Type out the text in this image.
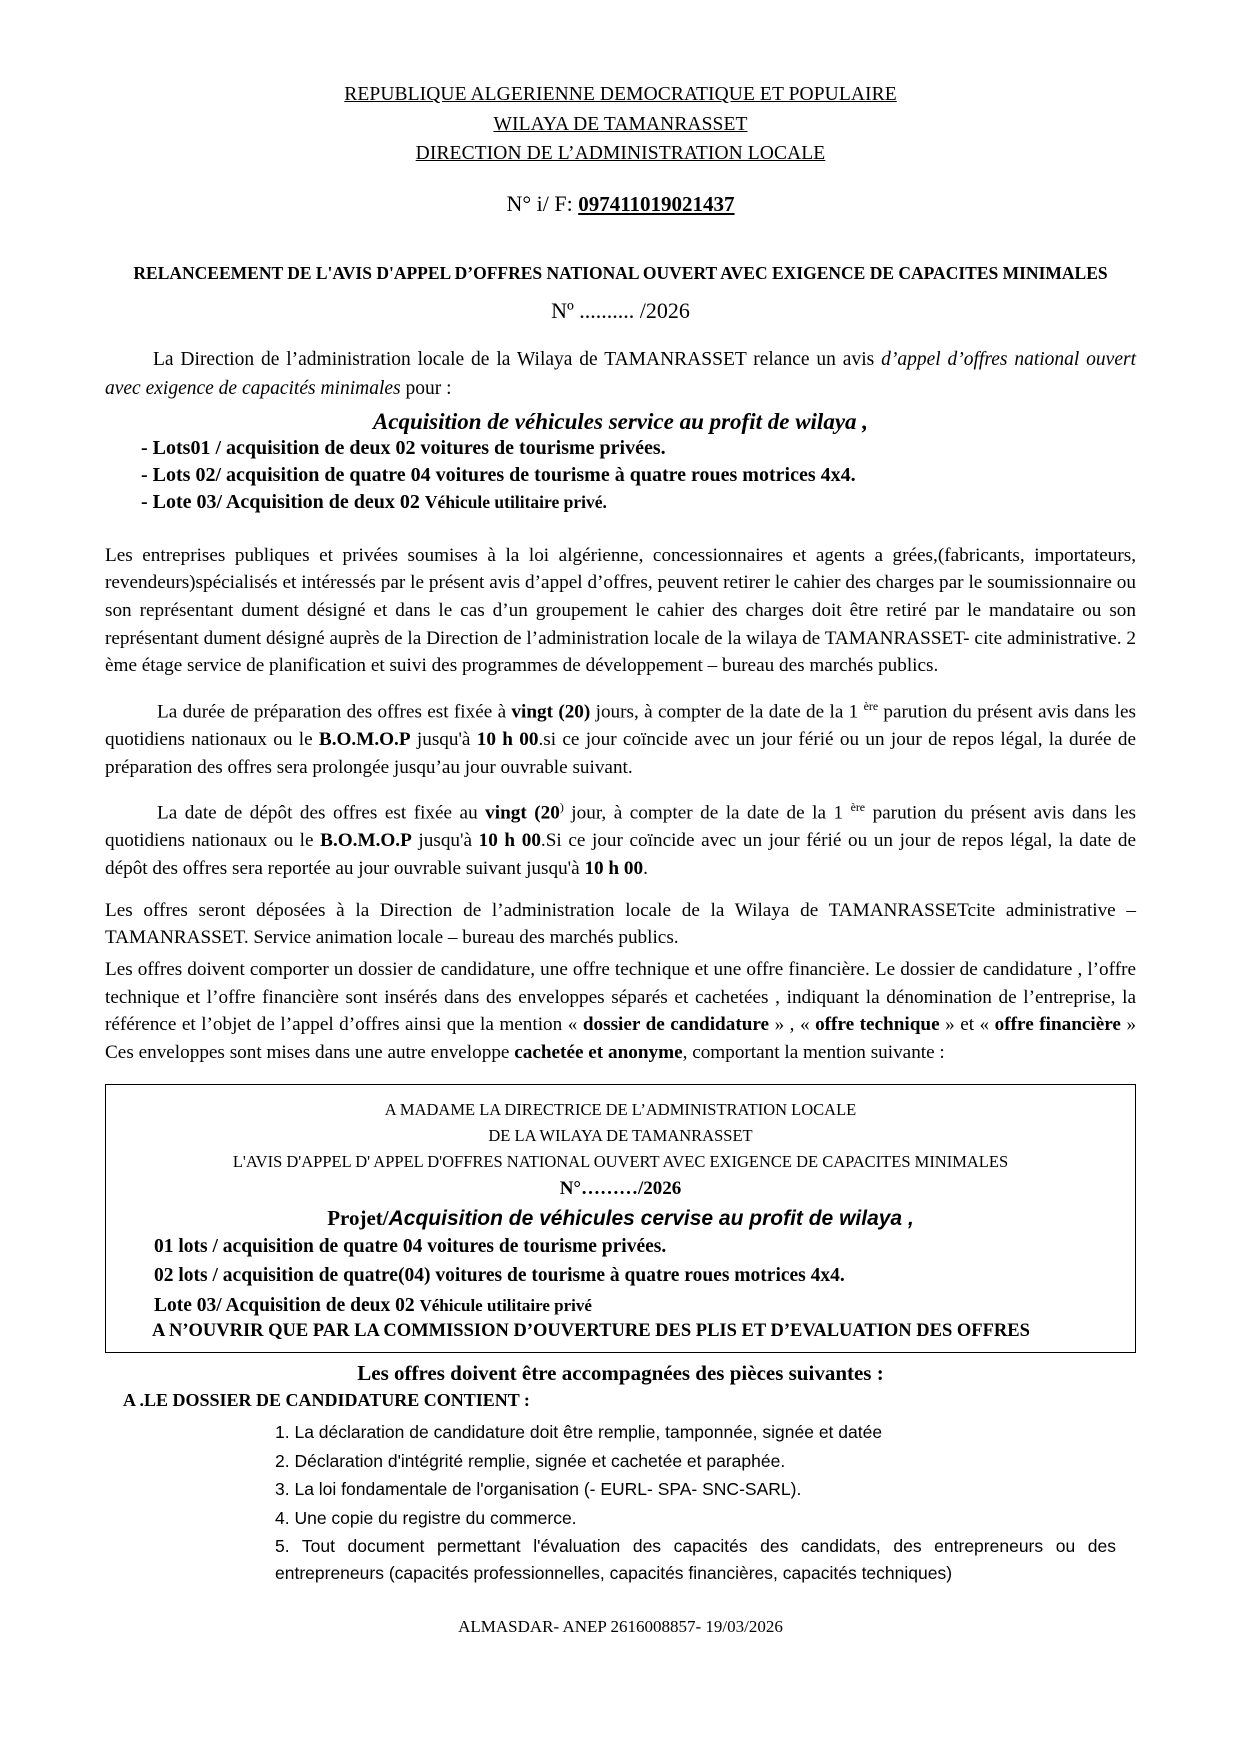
REPUBLIQUE ALGERIENNE DEMOCRATIQUE ET POPULAIRE
WILAYA DE TAMANRASSET
DIRECTION DE L’ADMINISTRATION LOCALE
N° i/ F: 097411019021437
RELANCEEMENT DE L'AVIS D'APPEL D’OFFRES NATIONAL OUVERT AVEC EXIGENCE DE CAPACITES MINIMALES
Nº .......... /2026
La Direction de l’administration locale de la Wilaya de TAMANRASSET relance un avis d’appel d’offres national ouvert avec exigence de capacités minimales pour :
Acquisition de véhicules service au profit de wilaya ,
- Lots01 / acquisition de deux 02 voitures de tourisme privées.
- Lots 02/ acquisition de quatre 04 voitures de tourisme à quatre roues motrices 4x4.
- Lote 03/ Acquisition de deux 02 Véhicule utilitaire privé.
Les entreprises publiques et privées soumises à la loi algérienne, concessionnaires et agents a grées,(fabricants, importateurs, revendeurs)spécialisés et intéressés par le présent avis d’appel d’offres, peuvent retirer le cahier des charges par le soumissionnaire ou son représentant dument désigné et dans le cas d’un groupement le cahier des charges doit être retiré par le mandataire ou son représentant dument désigné auprès de la Direction de l’administration locale de la wilaya de TAMANRASSET- cite administrative. 2 ème étage service de planification et suivi des programmes de développement – bureau des marchés publics.
La durée de préparation des offres est fixée à vingt (20) jours, à compter de la date de la 1 $^{ère}$ parution du présent avis dans les quotidiens nationaux ou le B.O.M.O.P jusqu'à 10 h 00.si ce jour coïncide avec un jour férié ou un jour de repos légal, la durée de préparation des offres sera prolongée jusqu’au jour ouvrable suivant.
La date de dépôt des offres est fixée au vingt (20) jour, à compter de la date de la 1 $^{ère}$ parution du présent avis dans les quotidiens nationaux ou le B.O.M.O.P jusqu'à 10 h 00.Si ce jour coïncide avec un jour férié ou un jour de repos légal, la date de dépôt des offres sera reportée au jour ouvrable suivant jusqu'à 10 h 00.
Les offres seront déposées à la Direction de l’administration locale de la Wilaya de TAMANRASSETcite administrative – TAMANRASSET. Service animation locale – bureau des marchés publics.
Les offres doivent comporter un dossier de candidature, une offre technique et une offre financière. Le dossier de candidature , l’offre technique et l’offre financière sont insérés dans des enveloppes séparés et cachetées , indiquant la dénomination de l’entreprise, la référence et l’objet de l’appel d’offres ainsi que la mention « dossier de candidature » , « offre technique » et « offre financière » Ces enveloppes sont mises dans une autre enveloppe cachetée et anonyme, comportant la mention suivante :
A MADAME LA DIRECTRICE DE L’ADMINISTRATION LOCALE
DE LA WILAYA DE TAMANRASSET
L'AVIS D'APPEL D' APPEL D'OFFRES NATIONAL OUVERT AVEC EXIGENCE DE CAPACITES MINIMALES
N°………/2026
Projet/Acquisition de véhicules cervise au profit de wilaya ,
01 lots / acquisition de quatre 04 voitures de tourisme privées.
02 lots / acquisition de quatre(04) voitures de tourisme à quatre roues motrices 4x4.
Lote 03/ Acquisition de deux 02 Véhicule utilitaire privé
A N’OUVRIR QUE PAR LA COMMISSION D’OUVERTURE DES PLIS ET D’EVALUATION DES OFFRES
Les offres doivent être accompagnées des pièces suivantes :
A .LE DOSSIER DE CANDIDATURE CONTIENT :
1. La déclaration de candidature doit être remplie, tamponnée, signée et datée
2. Déclaration d'intégrité remplie, signée et cachetée et paraphée.
3. La loi fondamentale de l'organisation (- EURL- SPA- SNC-SARL).
4. Une copie du registre du commerce.
5. Tout document permettant l'évaluation des capacités des candidats, des entrepreneurs ou des entrepreneurs (capacités professionnelles, capacités financières, capacités techniques)
ALMASDAR- ANEP 2616008857- 19/03/2026
